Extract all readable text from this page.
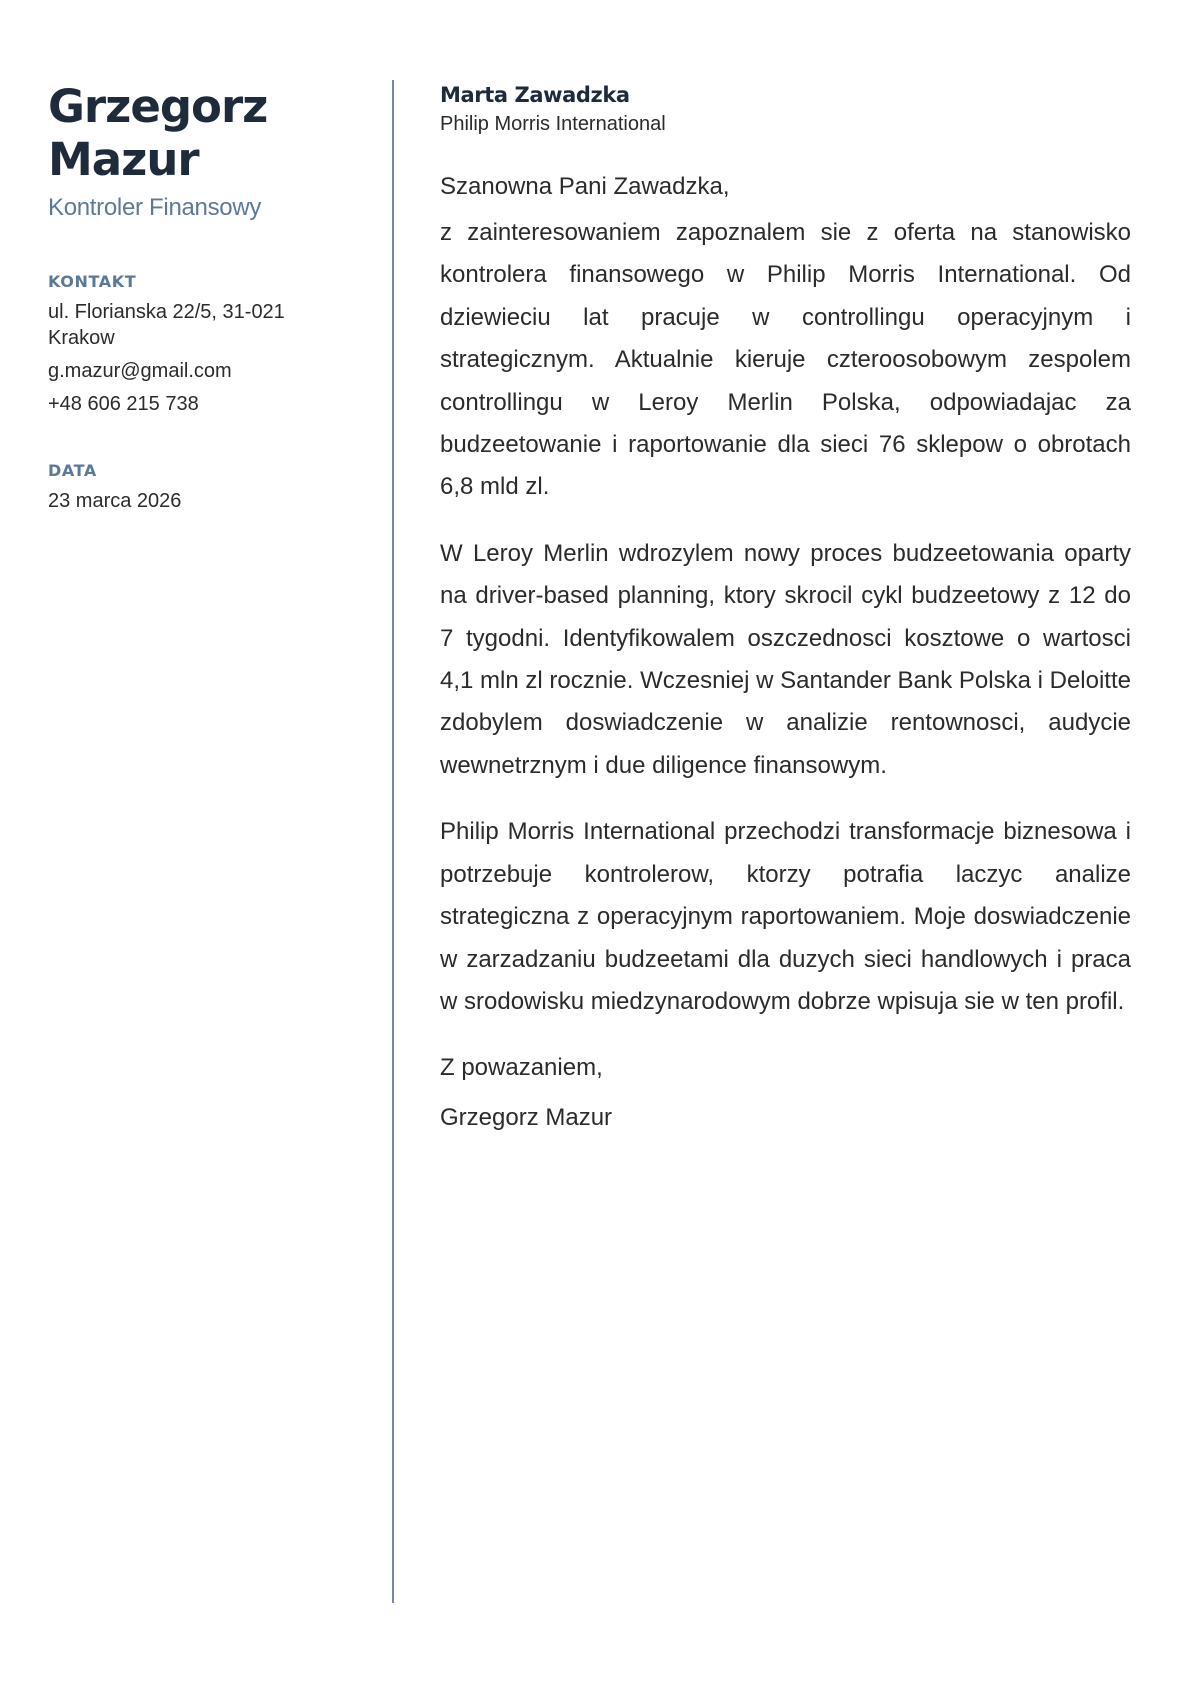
Grzegorz
Mazur
Kontroler Finansowy
KONTAKT
ul. Florianska 22/5, 31-021 Krakow
g.mazur@gmail.com
+48 606 215 738
DATA
23 marca 2026
Marta Zawadzka
Philip Morris International
Szanowna Pani Zawadzka,

z zainteresowaniem zapoznalem sie z oferta na stanowisko kontrolera finansowego w Philip Morris International. Od dziewieciu lat pracuje w controllingu operacyjnym i strategicznym. Aktualnie kieruje czteroosobowym zespolem controllingu w Leroy Merlin Polska, odpowiadajac za budzeetowanie i raportowanie dla sieci 76 sklepow o obrotach 6,8 mld zl.

W Leroy Merlin wdrozylem nowy proces budzeetowania oparty na driver-based planning, ktory skrocil cykl budzeetowy z 12 do 7 tygodni. Identyfikowalem oszczednosci kosztowe o wartosci 4,1 mln zl rocznie. Wczesniej w Santander Bank Polska i Deloitte zdobylem doswiadczenie w analizie rentownosci, audycie wewnetrznym i due diligence finansowym.

Philip Morris International przechodzi transformacje biznesowa i potrzebuje kontrolerow, ktorzy potrafia laczyc analize strategiczna z operacyjnym raportowaniem. Moje doswiadczenie w zarzadzaniu budzeetami dla duzych sieci handlowych i praca w srodowisku miedzynarodowym dobrze wpisuja sie w ten profil.

Z powazaniem,
Grzegorz Mazur
